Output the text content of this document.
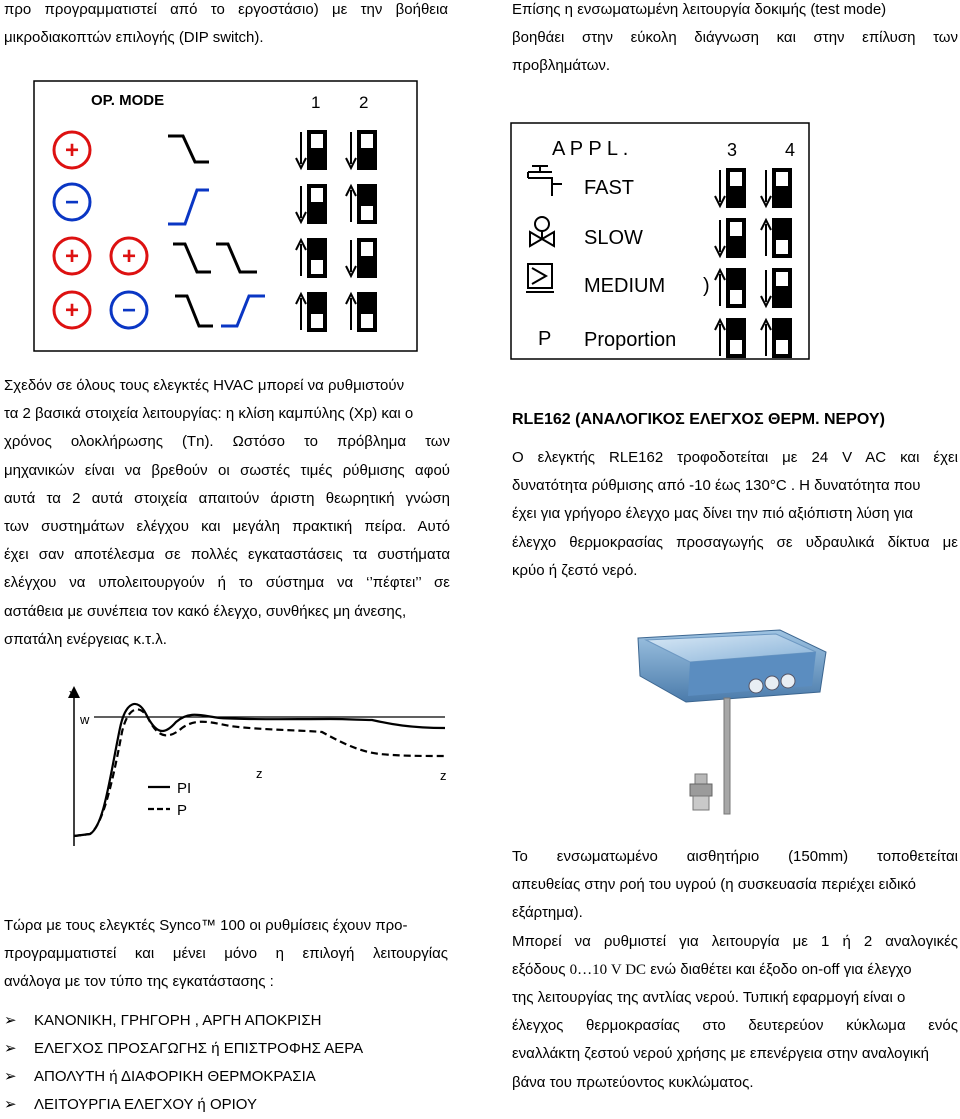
προ προγραμματιστεί από το εργοστάσιο) με την βοήθεια
μικροδιακοπτών επιλογής (DIP switch).
Επίσης η ενσωματωμένη λειτουργία δοκιμής (test mode)
βοηθάει στην εύκολη διάγνωση και στην επίλυση των
προβλημάτων.
OP. MODE	1 2
+
−
+ +
+ −
A P P L .	3	4
FAST
SLOW
MEDIUM )
P Proportion
Σχεδόν σε όλους τους ελεγκτές HVAC μπορεί να ρυθμιστούν
τα 2 βασικά στοιχεία λειτουργίας: η κλίση καμπύλης (Xp) και ο
χρόνος ολοκλήρωσης (Tn). Ωστόσο το πρόβλημα των
μηχανικών είναι να βρεθούν οι σωστές τιμές ρύθμισης αφού
αυτά τα 2 αυτά στοιχεία απαιτούν άριστη θεωρητική γνώση
των συστημάτων ελέγχου και μεγάλη πρακτική πείρα. Αυτό
έχει σαν αποτέλεσμα σε πολλές εγκαταστάσεις τα συστήματα
ελέγχου να υπολειτουργούν ή το σύστημα να ‘’πέφτει’’ σε
αστάθεια με συνέπεια τον κακό έλεγχο, συνθήκες μη άνεσης,
σπατάλη ενέργειας κ.τ.λ.
RLE162 (ΑΝΑΛΟΓΙΚΟΣ ΕΛΕΓΧΟΣ ΘΕΡΜ. ΝΕΡΟΥ)
Ο ελεγκτής RLE162 τροφοδοτείται με 24 V AC και έχει
δυνατότητα ρύθμισης από -10 έως 130°C . Η δυνατότητα που
έχει για γρήγορο έλεγχο μας δίνει την πιό αξιόπιστη λύση για
έλεγχο θερμοκρασίας προσαγωγής σε υδραυλικά δίκτυα με
κρύο ή ζεστό νερό.
x
w
z	z
PI
P
Το ενσωματωμένο αισθητήριο (150mm) τοποθετείται
απευθείας στην ροή του υγρού (η συσκευασία περιέχει ειδικό
εξάρτημα).
Μπορεί να ρυθμιστεί για λειτουργία με 1 ή 2 αναλογικές
εξόδους 0…10 V DC ενώ διαθέτει και έξοδο on-off για έλεγχο
της λειτουργίας της αντλίας νερού. Τυπική εφαρμογή είναι ο
έλεγχος θερμοκρασίας στο δευτερεύον κύκλωμα ενός
εναλλάκτη ζεστού νερού χρήσης με επενέργεια στην αναλογική
βάνα του πρωτεύοντος κυκλώματος.
Τώρα με τους ελεγκτές Synco™ 100 οι ρυθμίσεις έχουν προ-
προγραμματιστεί και μένει μόνο η επιλογή λειτουργίας
ανάλογα με τον τύπο της εγκατάστασης :
➢ ΚΑΝΟΝΙΚΗ, ΓΡΗΓΟΡΗ , ΑΡΓΗ ΑΠΟΚΡΙΣΗ
➢ ΕΛΕΓΧΟΣ ΠΡΟΣΑΓΩΓΗΣ ή ΕΠΙΣΤΡΟΦΗΣ ΑΕΡΑ
➢ ΑΠΟΛΥΤΗ ή ΔΙΑΦΟΡΙΚΗ ΘΕΡΜΟΚΡΑΣΙΑ
➢ ΛΕΙΤΟΥΡΓΙΑ ΕΛΕΓΧΟΥ ή ΟΡΙΟΥ
